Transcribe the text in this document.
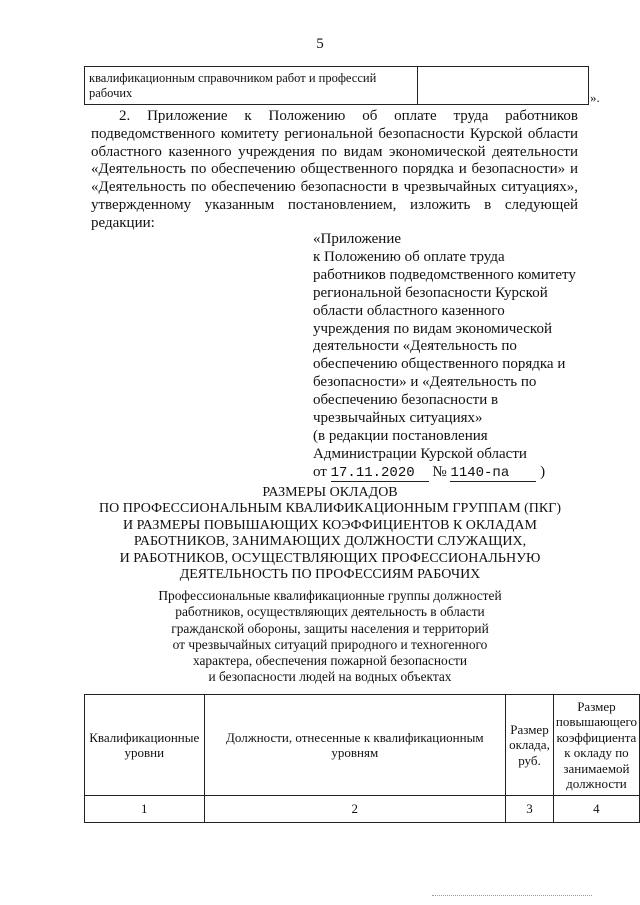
5
квалификационным справочником работ и профессий
рабочих
		».

2. Приложение к Положению об оплате труда работников подведомственного комитету региональной безопасности Курской области областного казенного учреждения по видам экономической деятельности «Деятельность по обеспечению общественного порядка и безопасности» и «Деятельность по обеспечению безопасности в чрезвычайных ситуациях», утвержденному указанным постановлением, изложить в следующей редакции:

«Приложение
к Положению об оплате труда
работников подведомственного комитету
региональной безопасности Курской
области областного казенного
учреждения по видам экономической
деятельности «Деятельность по
обеспечению общественного порядка и
безопасности» и «Деятельность по
обеспечению безопасности в
чрезвычайных ситуациях»
(в редакции постановления
Администрации Курской области
от 17.11.2020 № 1140-па )
РАЗМЕРЫ ОКЛАДОВ
ПО ПРОФЕССИОНАЛЬНЫМ КВАЛИФИКАЦИОННЫМ ГРУППАМ (ПКГ)
И РАЗМЕРЫ ПОВЫШАЮЩИХ КОЭФФИЦИЕНТОВ К ОКЛАДАМ
РАБОТНИКОВ, ЗАНИМАЮЩИХ ДОЛЖНОСТИ СЛУЖАЩИХ,
И РАБОТНИКОВ, ОСУЩЕСТВЛЯЮЩИХ ПРОФЕССИОНАЛЬНУЮ
ДЕЯТЕЛЬНОСТЬ ПО ПРОФЕССИЯМ РАБОЧИХ
Профессиональные квалификационные группы должностей
работников, осуществляющих деятельность в области
гражданской обороны, защиты населения и территорий
от чрезвычайных ситуаций природного и техногенного
характера, обеспечения пожарной безопасности
и безопасности людей на водных объектах
Квалификационные уровни	Должности, отнесенные к квалификационным уровням	Размер оклада, руб.	Размер повышающего коэффициента к окладу по занимаемой должности
1	2	3	4
